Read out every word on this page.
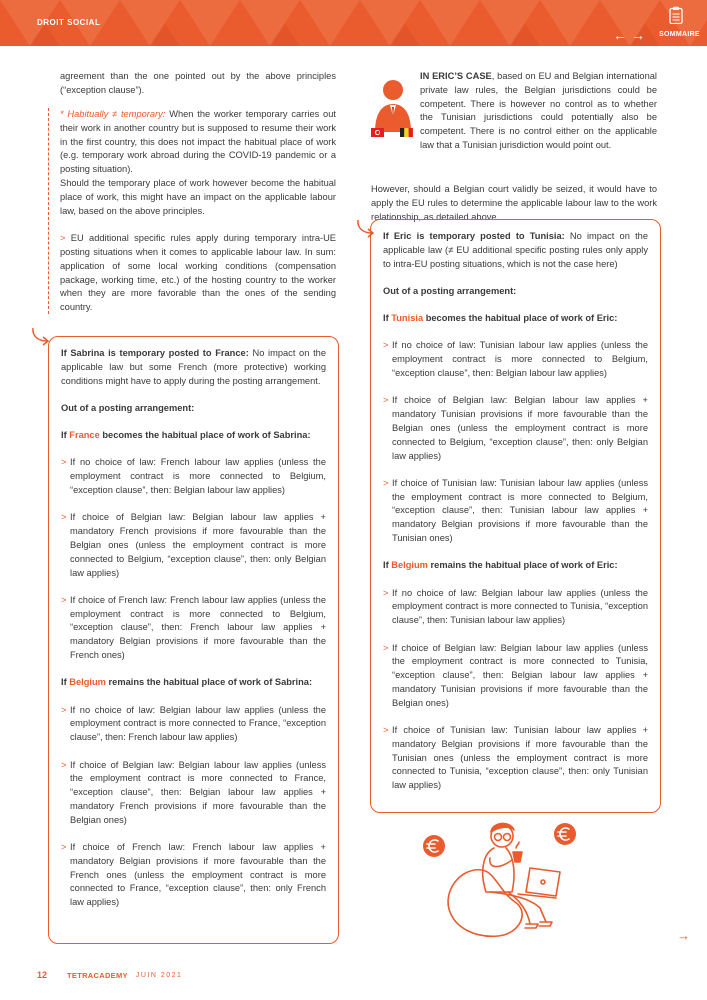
DROIT SOCIAL
← → SOMMAIRE
agreement than the one pointed out by the above principles (“exception clause”).

* Habitually ≠ temporary: When the worker temporary carries out their work in another country but is supposed to resume their work in the first country, this does not impact the habitual place of work (e.g. temporary work abroad during the COVID-19 pandemic or a posting situation).

Should the temporary place of work however become the habitual place of work, this might have an impact on the applicable labour law, based on the above principles.

> EU additional specific rules apply during temporary intra-UE posting situations when it comes to applicable labour law. In sum: application of some local working conditions (compensation package, working time, etc.) of the hosting country to the worker when they are more favorable than the ones of the sending country.

If Sabrina is temporary posted to France: No impact on the applicable law but some French (more protective) working conditions might have to apply during the posting arrangement.

Out of a posting arrangement:

If France becomes the habitual place of work of Sabrina:

> If no choice of law: French labour law applies (unless the employment contract is more connected to Belgium, “exception clause”, then: Belgian labour law applies)
> If choice of Belgian law: Belgian labour law applies + mandatory French provisions if more favourable than the Belgian ones (unless the employment contract is more connected to Belgium, “exception clause”, then: only Belgian law applies)
> If choice of French law: French labour law applies (unless the employment contract is more connected to Belgium, “exception clause”, then: French labour law applies + mandatory Belgian provisions if more favourable than the French ones)

If Belgium remains the habitual place of work of Sabrina:

> If no choice of law: Belgian labour law applies (unless the employment contract is more connected to France, “exception clause”, then: French labour law applies)
> If choice of Belgian law: Belgian labour law applies (unless the employment contract is more connected to France, “exception clause”, then: Belgian labour law applies + mandatory French provisions if more favourable than the Belgian ones)
> If choice of French law: French labour law applies + mandatory Belgian provisions if more favourable than the French ones (unless the employment contract is more connected to France, “exception clause”, then: only French law applies)
IN ERIC’S CASE, based on EU and Belgian international private law rules, the Belgian jurisdictions could be competent. There is however no control as to whether the Tunisian jurisdictions could potentially also be competent. There is no control either on the applicable law that a Tunisian jurisdiction would point out.
However, should a Belgian court validly be seized, it would have to apply the EU rules to determine the applicable labour law to the work relationship, as detailed above.

If Eric is temporary posted to Tunisia: No impact on the applicable law (≠ EU additional specific posting rules only apply to intra-EU posting situations, which is not the case here)

Out of a posting arrangement:

If Tunisia becomes the habitual place of work of Eric:

> If no choice of law: Tunisian labour law applies (unless the employment contract is more connected to Belgium, “exception clause”, then: Belgian labour law applies)
> If choice of Belgian law: Belgian labour law applies + mandatory Tunisian provisions if more favourable than the Belgian ones (unless the employment contract is more connected to Belgium, “exception clause”, then: only Belgian law applies)
> If choice of Tunisian law: Tunisian labour law applies (unless the employment contract is more connected to Belgium, “exception clause”, then: Tunisian labour law applies + mandatory Belgian provisions if more favourable than the Tunisian ones)

If Belgium remains the habitual place of work of Eric:

> If no choice of law: Belgian labour law applies (unless the employment contract is more connected to Tunisia, “exception clause”, then: Tunisian labour law applies)
> If choice of Belgian law: Belgian labour law applies (unless the employment contract is more connected to Tunisia, “exception clause”, then: Belgian labour law applies + mandatory Tunisian provisions if more favourable than the Belgian ones)
> If choice of Tunisian law: Tunisian labour law applies + mandatory Belgian provisions if more favourable than the Tunisian ones (unless the employment contract is more connected to Tunisia, “exception clause”, then: only Tunisian law applies)
→
12	TETRACADEMY JUIN 2021
